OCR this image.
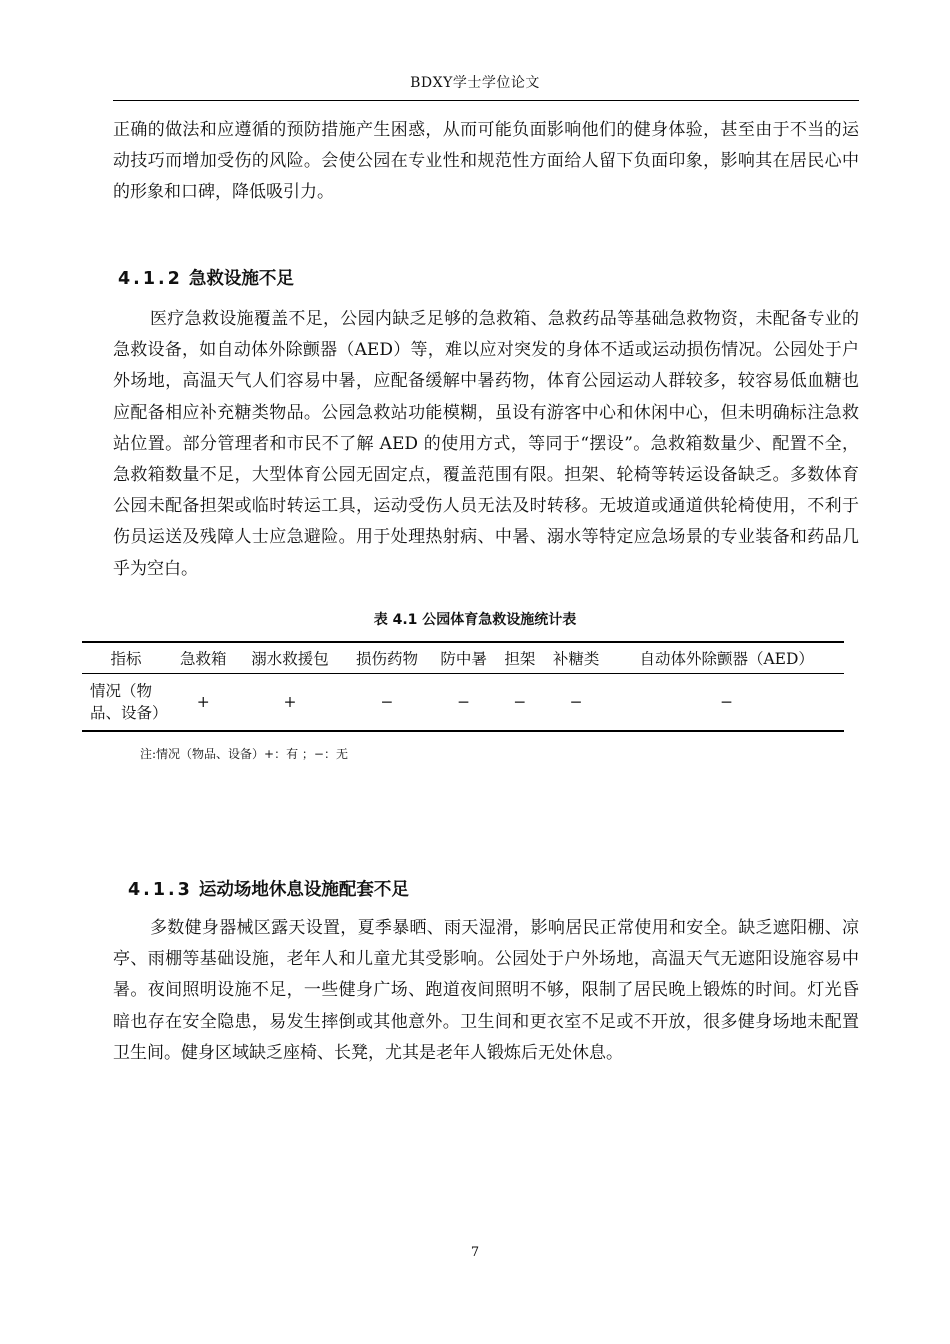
BDXY学士学位论文

正确的做法和应遵循的预防措施产生困惑，从而可能负面影响他们的健身体验，甚至由于不当的运动技巧而增加受伤的风险。会使公园在专业性和规范性方面给人留下负面印象，影响其在居民心中的形象和口碑，降低吸引力。

4.1.2 急救设施不足

医疗急救设施覆盖不足，公园内缺乏足够的急救箱、急救药品等基础急救物资，未配备专业的急救设备，如自动体外除颤器（AED）等，难以应对突发的身体不适或运动损伤情况。公园处于户外场地，高温天气人们容易中暑，应配备缓解中暑药物，体育公园运动人群较多，较容易低血糖也应配备相应补充糖类物品。公园急救站功能模糊，虽设有游客中心和休闲中心，但未明确标注急救站位置。部分管理者和市民不了解 AED 的使用方式，等同于“摆设”。急救箱数量少、配置不全，急救箱数量不足，大型体育公园无固定点，覆盖范围有限。担架、轮椅等转运设备缺乏。多数体育公园未配备担架或临时转运工具，运动受伤人员无法及时转移。无坡道或通道供轮椅使用，不利于伤员运送及残障人士应急避险。用于处理热射病、中暑、溺水等特定应急场景的专业装备和药品几乎为空白。

表 4.1 公园体育急救设施统计表

指标	急救箱	溺水救援包	损伤药物	防中暑	担架	补糖类	自动体外除颤器（AED）
情况（物
品、设备）	+	+	−	−	−	−	−

注:情况（物品、设备）+：有 ；−：无

4.1.3 运动场地休息设施配套不足

多数健身器械区露天设置，夏季暴晒、雨天湿滑，影响居民正常使用和安全。缺乏遮阳棚、凉亭、雨棚等基础设施，老年人和儿童尤其受影响。公园处于户外场地，高温天气无遮阳设施容易中暑。夜间照明设施不足，一些健身广场、跑道夜间照明不够，限制了居民晚上锻炼的时间。灯光昏暗也存在安全隐患，易发生摔倒或其他意外。卫生间和更衣室不足或不开放，很多健身场地未配置卫生间。健身区域缺乏座椅、长凳，尤其是老年人锻炼后无处休息。

7
